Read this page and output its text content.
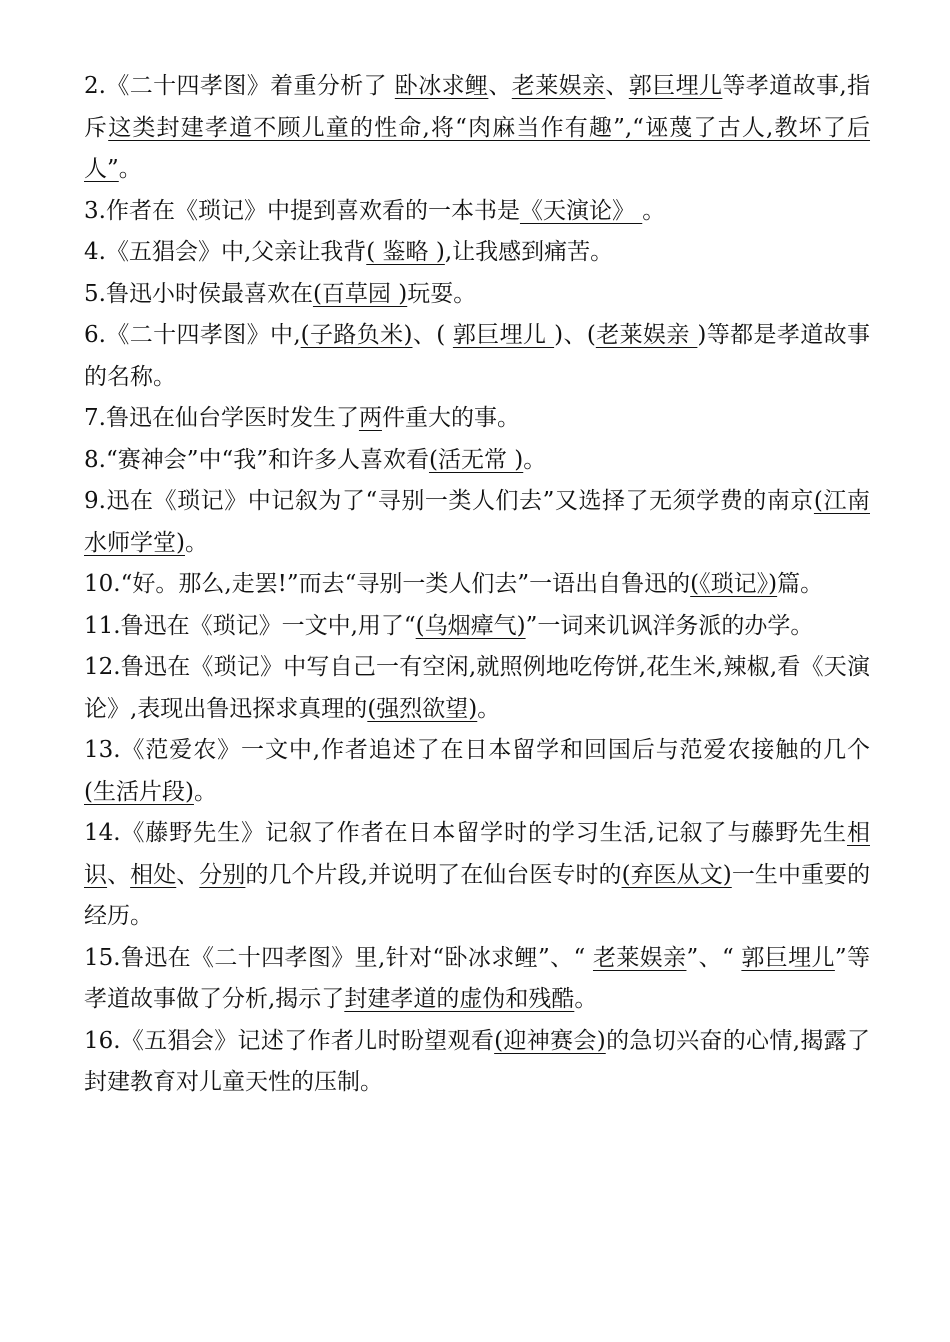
2.《二十四孝图》着重分析了 卧冰求鲤、老莱娱亲、郭巨埋儿等孝道故事,指斥这类封建孝道不顾儿童的性命,将“肉麻当作有趣”,“诬蔑了古人,教坏了后人”。

3.作者在《琐记》中提到喜欢看的一本书是《天演论》 。

4.《五猖会》中,父亲让我背( 鉴略 ),让我感到痛苦。

5.鲁迅小时侯最喜欢在(百草园 )玩耍。

6.《二十四孝图》中,(子路负米)、( 郭巨埋儿 )、(老莱娱亲 )等都是孝道故事的名称。

7.鲁迅在仙台学医时发生了两件重大的事。

8.“赛神会”中“我”和许多人喜欢看(活无常 )。

9.迅在《琐记》中记叙为了“寻别一类人们去”又选择了无须学费的南京(江南水师学堂)。

10.“好。那么,走罢!”而去“寻别一类人们去”一语出自鲁迅的(《琐记》)篇。

11.鲁迅在《琐记》一文中,用了“(乌烟瘴气)”一词来讥讽洋务派的办学。

12.鲁迅在《琐记》中写自己一有空闲,就照例地吃侉饼,花生米,辣椒,看《天演论》,表现出鲁迅探求真理的(强烈欲望)。

13.《范爱农》一文中,作者追述了在日本留学和回国后与范爱农接触的几个(生活片段)。

14.《藤野先生》记叙了作者在日本留学时的学习生活,记叙了与藤野先生相识、相处、分别的几个片段,并说明了在仙台医专时的(弃医从文)一生中重要的经历。

15.鲁迅在《二十四孝图》里,针对“卧冰求鲤”、“ 老莱娱亲”、“ 郭巨埋儿”等孝道故事做了分析,揭示了封建孝道的虚伪和残酷。

16.《五猖会》记述了作者儿时盼望观看(迎神赛会)的急切兴奋的心情,揭露了封建教育对儿童天性的压制。
